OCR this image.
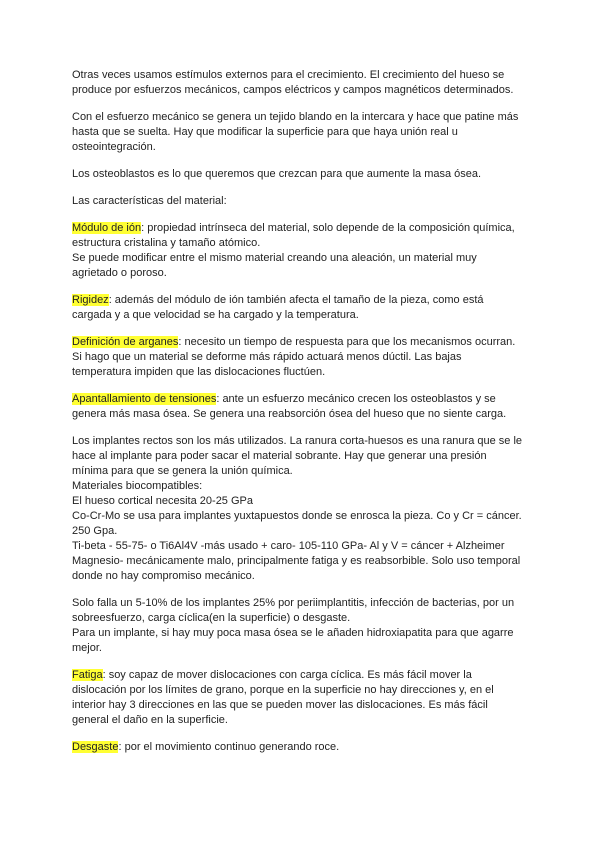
Otras veces usamos estímulos externos para el crecimiento. El crecimiento del hueso se
produce por esfuerzos mecánicos, campos eléctricos y campos magnéticos determinados.
Con el esfuerzo mecánico se genera un tejido blando en la intercara y hace que patine más
hasta que se suelta. Hay que modificar la superficie para que haya unión real u
osteointegración.
Los osteoblastos es lo que queremos que crezcan para que aumente la masa ósea.
Las características del material:
Módulo de ión: propiedad intrínseca del material, solo depende de la composición química,
estructura cristalina y tamaño atómico.
Se puede modificar entre el mismo material creando una aleación, un material muy
agrietado o poroso.
Rigidez: además del módulo de ión también afecta el tamaño de la pieza, como está
cargada y a que velocidad se ha cargado y la temperatura.
Definición de arganes: necesito un tiempo de respuesta para que los mecanismos ocurran.
Si hago que un material se deforme más rápido actuará menos dúctil. Las bajas
temperatura impiden que las dislocaciones fluctúen.
Apantallamiento de tensiones: ante un esfuerzo mecánico crecen los osteoblastos y se
genera más masa ósea. Se genera una reabsorción ósea del hueso que no siente carga.
Los implantes rectos son los más utilizados. La ranura corta-huesos es una ranura que se le
hace al implante para poder sacar el material sobrante. Hay que generar una presión
mínima para que se genera la unión química.
Materiales biocompatibles:
El hueso cortical necesita 20-25 GPa
Co-Cr-Mo se usa para implantes yuxtapuestos donde se enrosca la pieza. Co y Cr = cáncer.
250 Gpa.
Ti-beta - 55-75- o Ti6Al4V -más usado + caro- 105-110 GPa- Al y V = cáncer + Alzheimer
Magnesio- mecánicamente malo, principalmente fatiga y es reabsorbible. Solo uso temporal
donde no hay compromiso mecánico.
Solo falla un 5-10% de los implantes 25% por periimplantitis, infección de bacterias, por un
sobreesfuerzo, carga cíclica(en la superficie) o desgaste.
Para un implante, si hay muy poca masa ósea se le añaden hidroxiapatita para que agarre
mejor.
Fatiga: soy capaz de mover dislocaciones con carga cíclica. Es más fácil mover la
dislocación por los límites de grano, porque en la superficie no hay direcciones y, en el
interior hay 3 direcciones en las que se pueden mover las dislocaciones. Es más fácil
general el daño en la superficie.
Desgaste: por el movimiento continuo generando roce.
